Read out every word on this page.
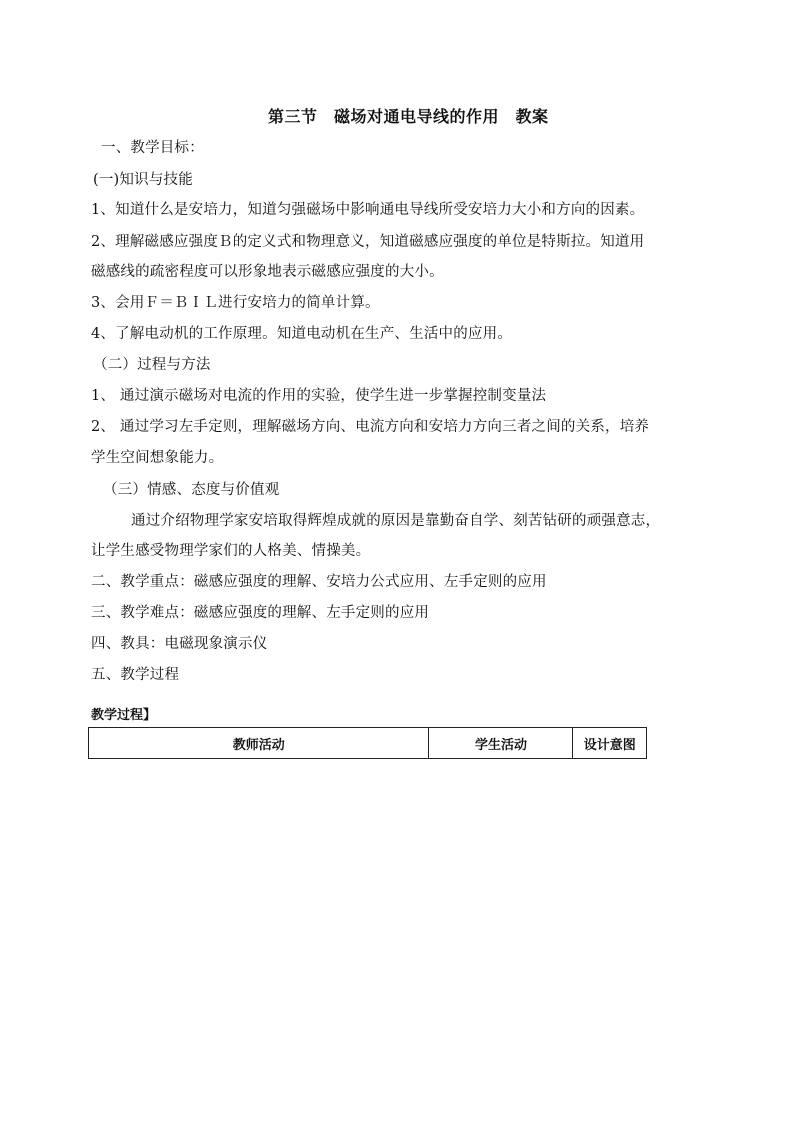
第三节　磁场对通电导线的作用　教案
一、教学目标：
(一)知识与技能
1、知道什么是安培力，知道匀强磁场中影响通电导线所受安培力大小和方向的因素。
2、理解磁感应强度Ｂ的定义式和物理意义，知道磁感应强度的单位是特斯拉。知道用
磁感线的疏密程度可以形象地表示磁感应强度的大小。
3、会用Ｆ＝ＢＩＬ进行安培力的简单计算。
4、了解电动机的工作原理。知道电动机在生产、生活中的应用。
（二）过程与方法
1、 通过演示磁场对电流的作用的实验，使学生进一步掌握控制变量法
2、 通过学习左手定则，理解磁场方向、电流方向和安培力方向三者之间的关系，培养
学生空间想象能力。
（三）情感、态度与价值观
通过介绍物理学家安培取得辉煌成就的原因是靠勤奋自学、刻苦钻研的顽强意志，
让学生感受物理学家们的人格美、情操美。
二、教学重点：磁感应强度的理解、安培力公式应用、左手定则的应用
三、教学难点：磁感应强度的理解、左手定则的应用
四、教具：电磁现象演示仪
五、教学过程
教学过程】
教师活动	学生活动	设计意图
